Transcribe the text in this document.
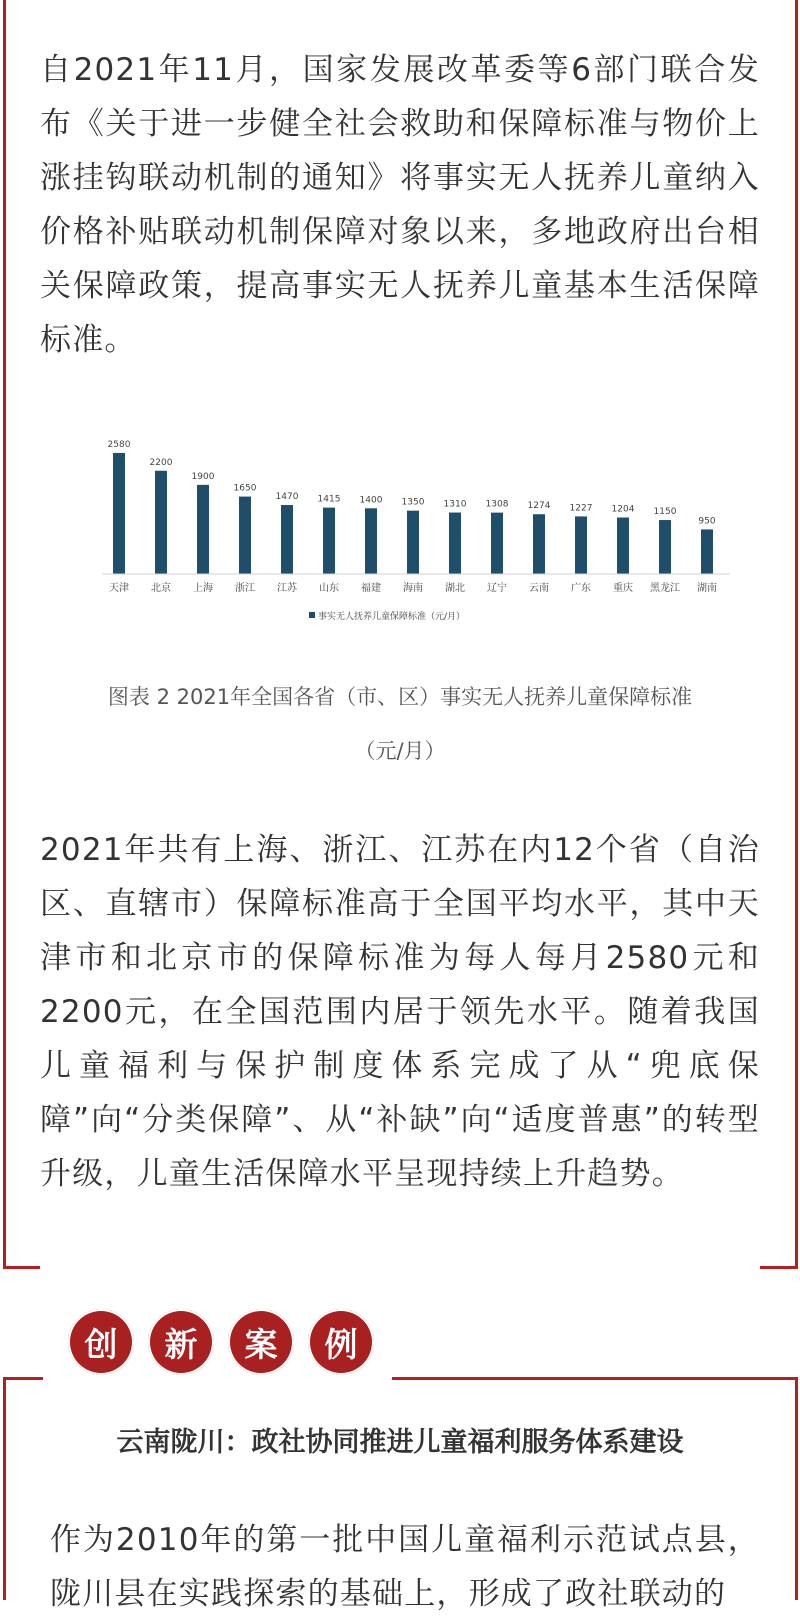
自2021年11月，国家发展改革委等6部门联合发布《关于进一步健全社会救助和保障标准与物价上涨挂钩联动机制的通知》将事实无人抚养儿童纳入价格补贴联动机制保障对象以来，多地政府出台相关保障政策，提高事实无人抚养儿童基本生活保障标准。

2580
天津
2200
北京
1900
上海
1650
浙江
1470
江苏
1415
山东
1400
福建
1350
海南
1310
湖北
1308
辽宁
1274
云南
1227
广东
1204
重庆
1150
黑龙江
950
湖南
事实无人抚养儿童保障标准（元/月）

图表 2 2021年全国各省（市、区）事实无人抚养儿童保障标准

（元/月）

2021年共有上海、浙江、江苏在内12个省（自治区、直辖市）保障标准高于全国平均水平，其中天津市和北京市的保障标准为每人每月2580元和2200元，在全国范围内居于领先水平。随着我国儿童福利与保护制度体系完成了从“兜底保障”向“分类保障”、从“补缺”向“适度普惠”的转型升级，儿童生活保障水平呈现持续上升趋势。

创	新	案	例

云南陇川：政社协同推进儿童福利服务体系建设

作为2010年的第一批中国儿童福利示范试点县，陇川县在实践探索的基础上，形成了政社联动的
